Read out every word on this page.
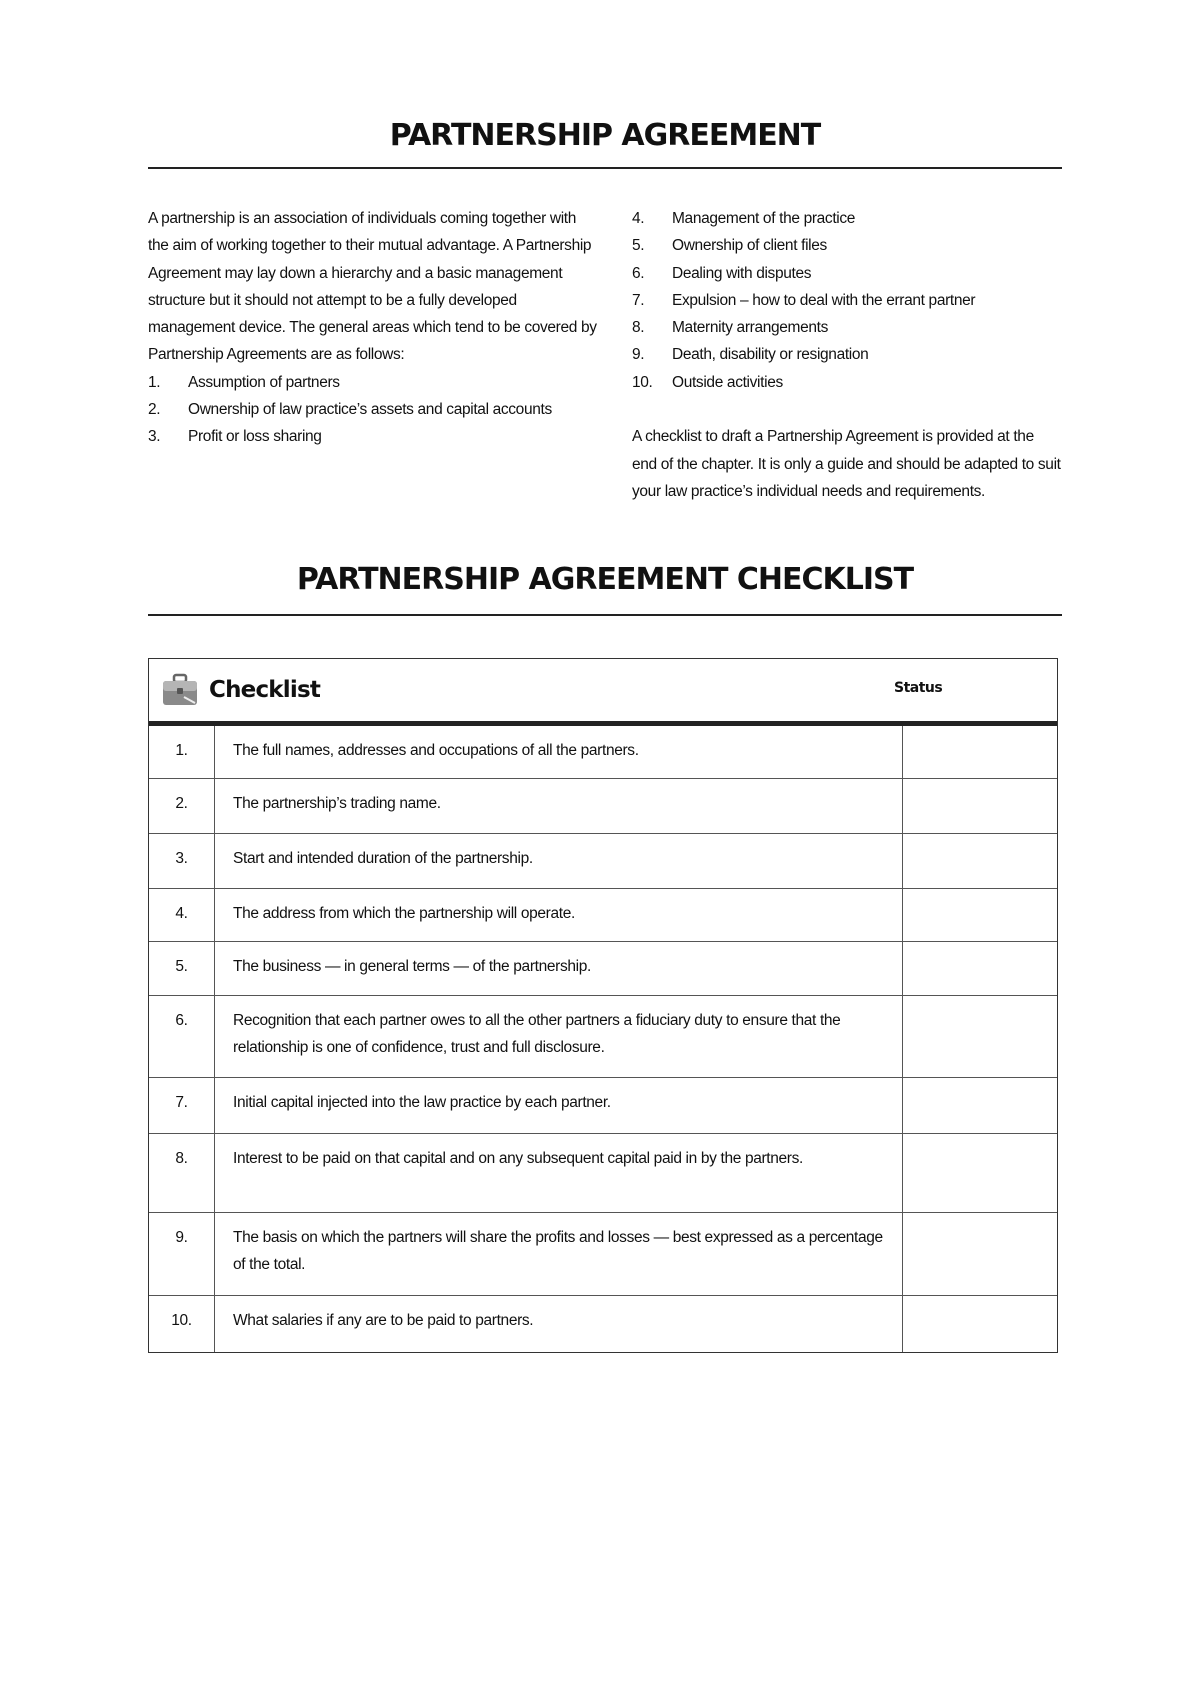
PARTNERSHIP AGREEMENT

A partnership is an association of individuals coming together with the aim of working together to their mutual advantage. A Partnership Agreement may lay down a hierarchy and a basic management structure but it should not attempt to be a fully developed management device. The general areas which tend to be covered by Partnership Agreements are as follows:

1.	Assumption of partners
2.	Ownership of law practice’s assets and capital accounts
3.	Profit or loss sharing
4.	Management of the practice
5.	Ownership of client files
6.	Dealing with disputes
7.	Expulsion – how to deal with the errant partner
8.	Maternity arrangements
9.	Death, disability or resignation
10.	Outside activities

A checklist to draft a Partnership Agreement is provided at the end of the chapter. It is only a guide and should be adapted to suit your law practice’s individual needs and requirements.

PARTNERSHIP AGREEMENT CHECKLIST
Checklist	Status
1.	The full names, addresses and occupations of all the partners.
2.	The partnership’s trading name.
3.	Start and intended duration of the partnership.
4.	The address from which the partnership will operate.
5.	The business — in general terms — of the partnership.
6.	Recognition that each partner owes to all the other partners a fiduciary duty to ensure that the relationship is one of confidence, trust and full disclosure.
7.	Initial capital injected into the law practice by each partner.
8.	Interest to be paid on that capital and on any subsequent capital paid in by the partners.
9.	The basis on which the partners will share the profits and losses — best expressed as a percentage of the total.
10.	What salaries if any are to be paid to partners.
